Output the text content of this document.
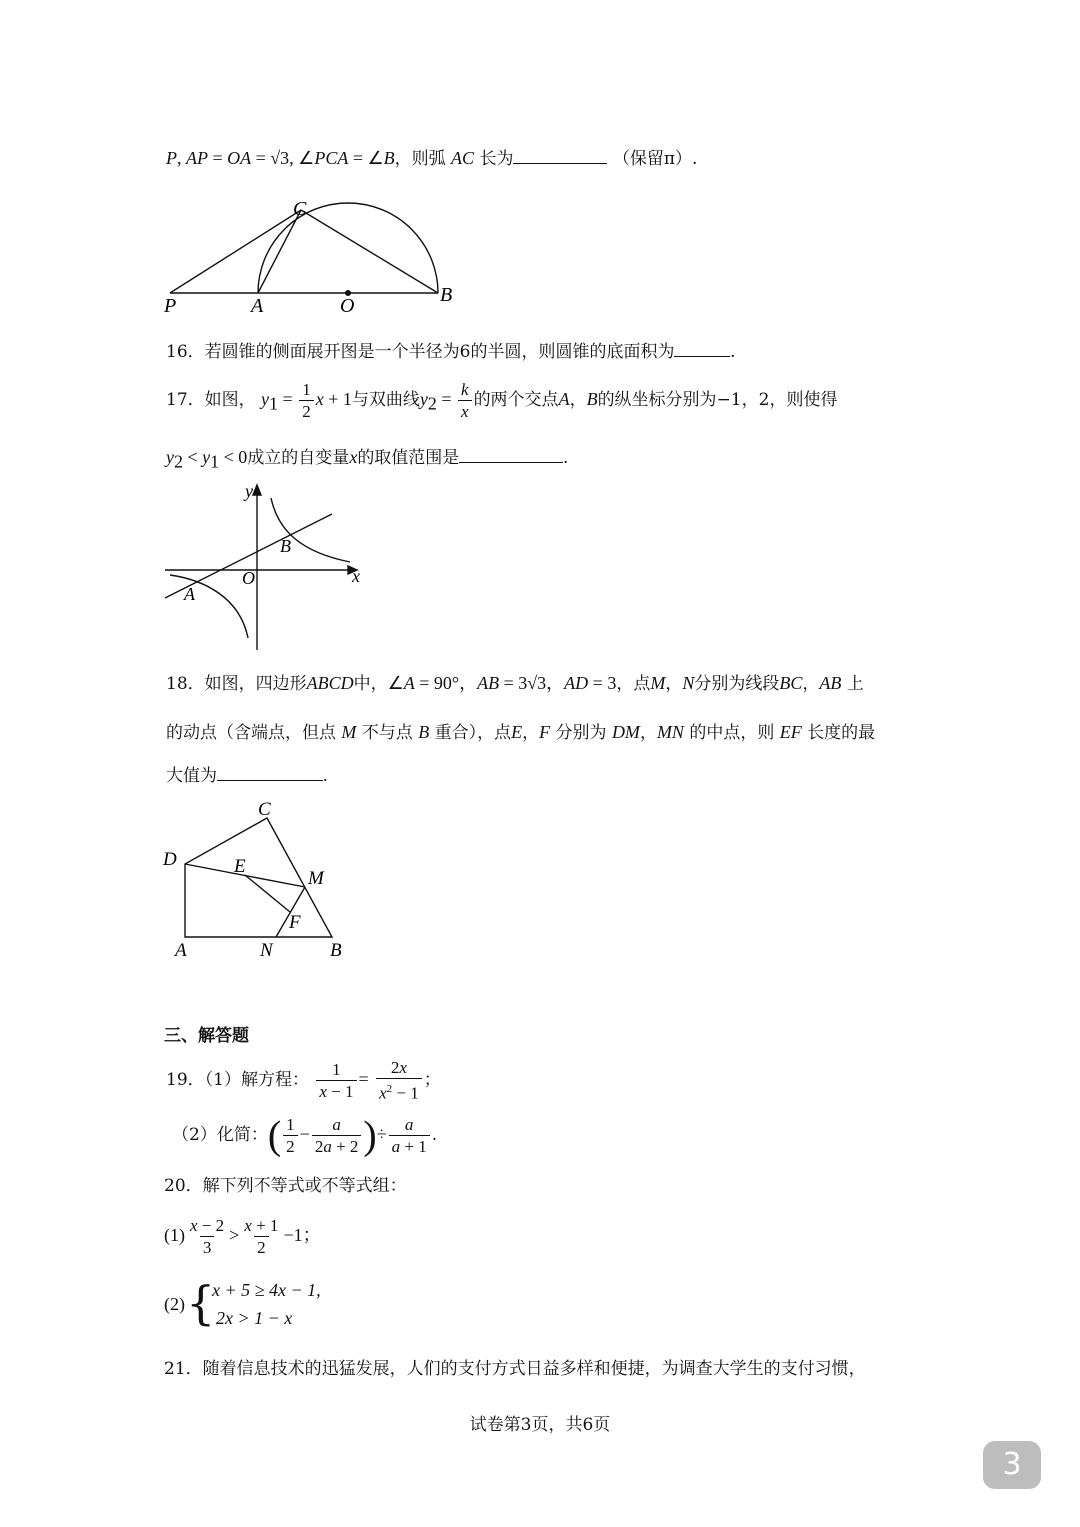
P, AP = OA = √3, ∠PCA = ∠B，则弧 AC 长为	（保留π）.
C
P	A	O	B
16．若圆锥的侧面展开图是一个半径为6的半圆，则圆锥的底面积为	.
17．如图， $y_1 = \frac{1}{2}$ x + 1与双曲线$y_2 = \frac{k}{x}$ 的两个交点A，B的纵坐标分别为−1，2，则使得
$y_2 < y_1 < 0$成立的自变量x的取值范围是	.
y
x
O
A
B
18．如图，四边形ABCD中，∠A = 90°，AB = 3√3，AD = 3，点M，N分别为线段BC，AB 上
的动点（含端点，但点 M 不与点 B 重合），点E，F 分别为 DM，MN 的中点，则 EF 长度的最
大值为	.
C
D	E
M
F
A	N	B
三、解答题
19．（1）解方程： $\frac{1}{x - 1} = \frac{2x}{x^2 - 1}$ ；
（2）化简：( $\frac{1}{2} - \frac{a}{2a + 2}$ )÷ $\frac{a}{a + 1}$ .
20．解下列不等式或不等式组：
$(1) \frac{x - 2}{3} > \frac{x + 1}{2} -1$；
(2) {
x + 5 ≥ 4x − 1,
2x > 1 − x
21．随着信息技术的迅猛发展，人们的支付方式日益多样和便捷，为调查大学生的支付习惯，
试卷第3页，共6页
3
